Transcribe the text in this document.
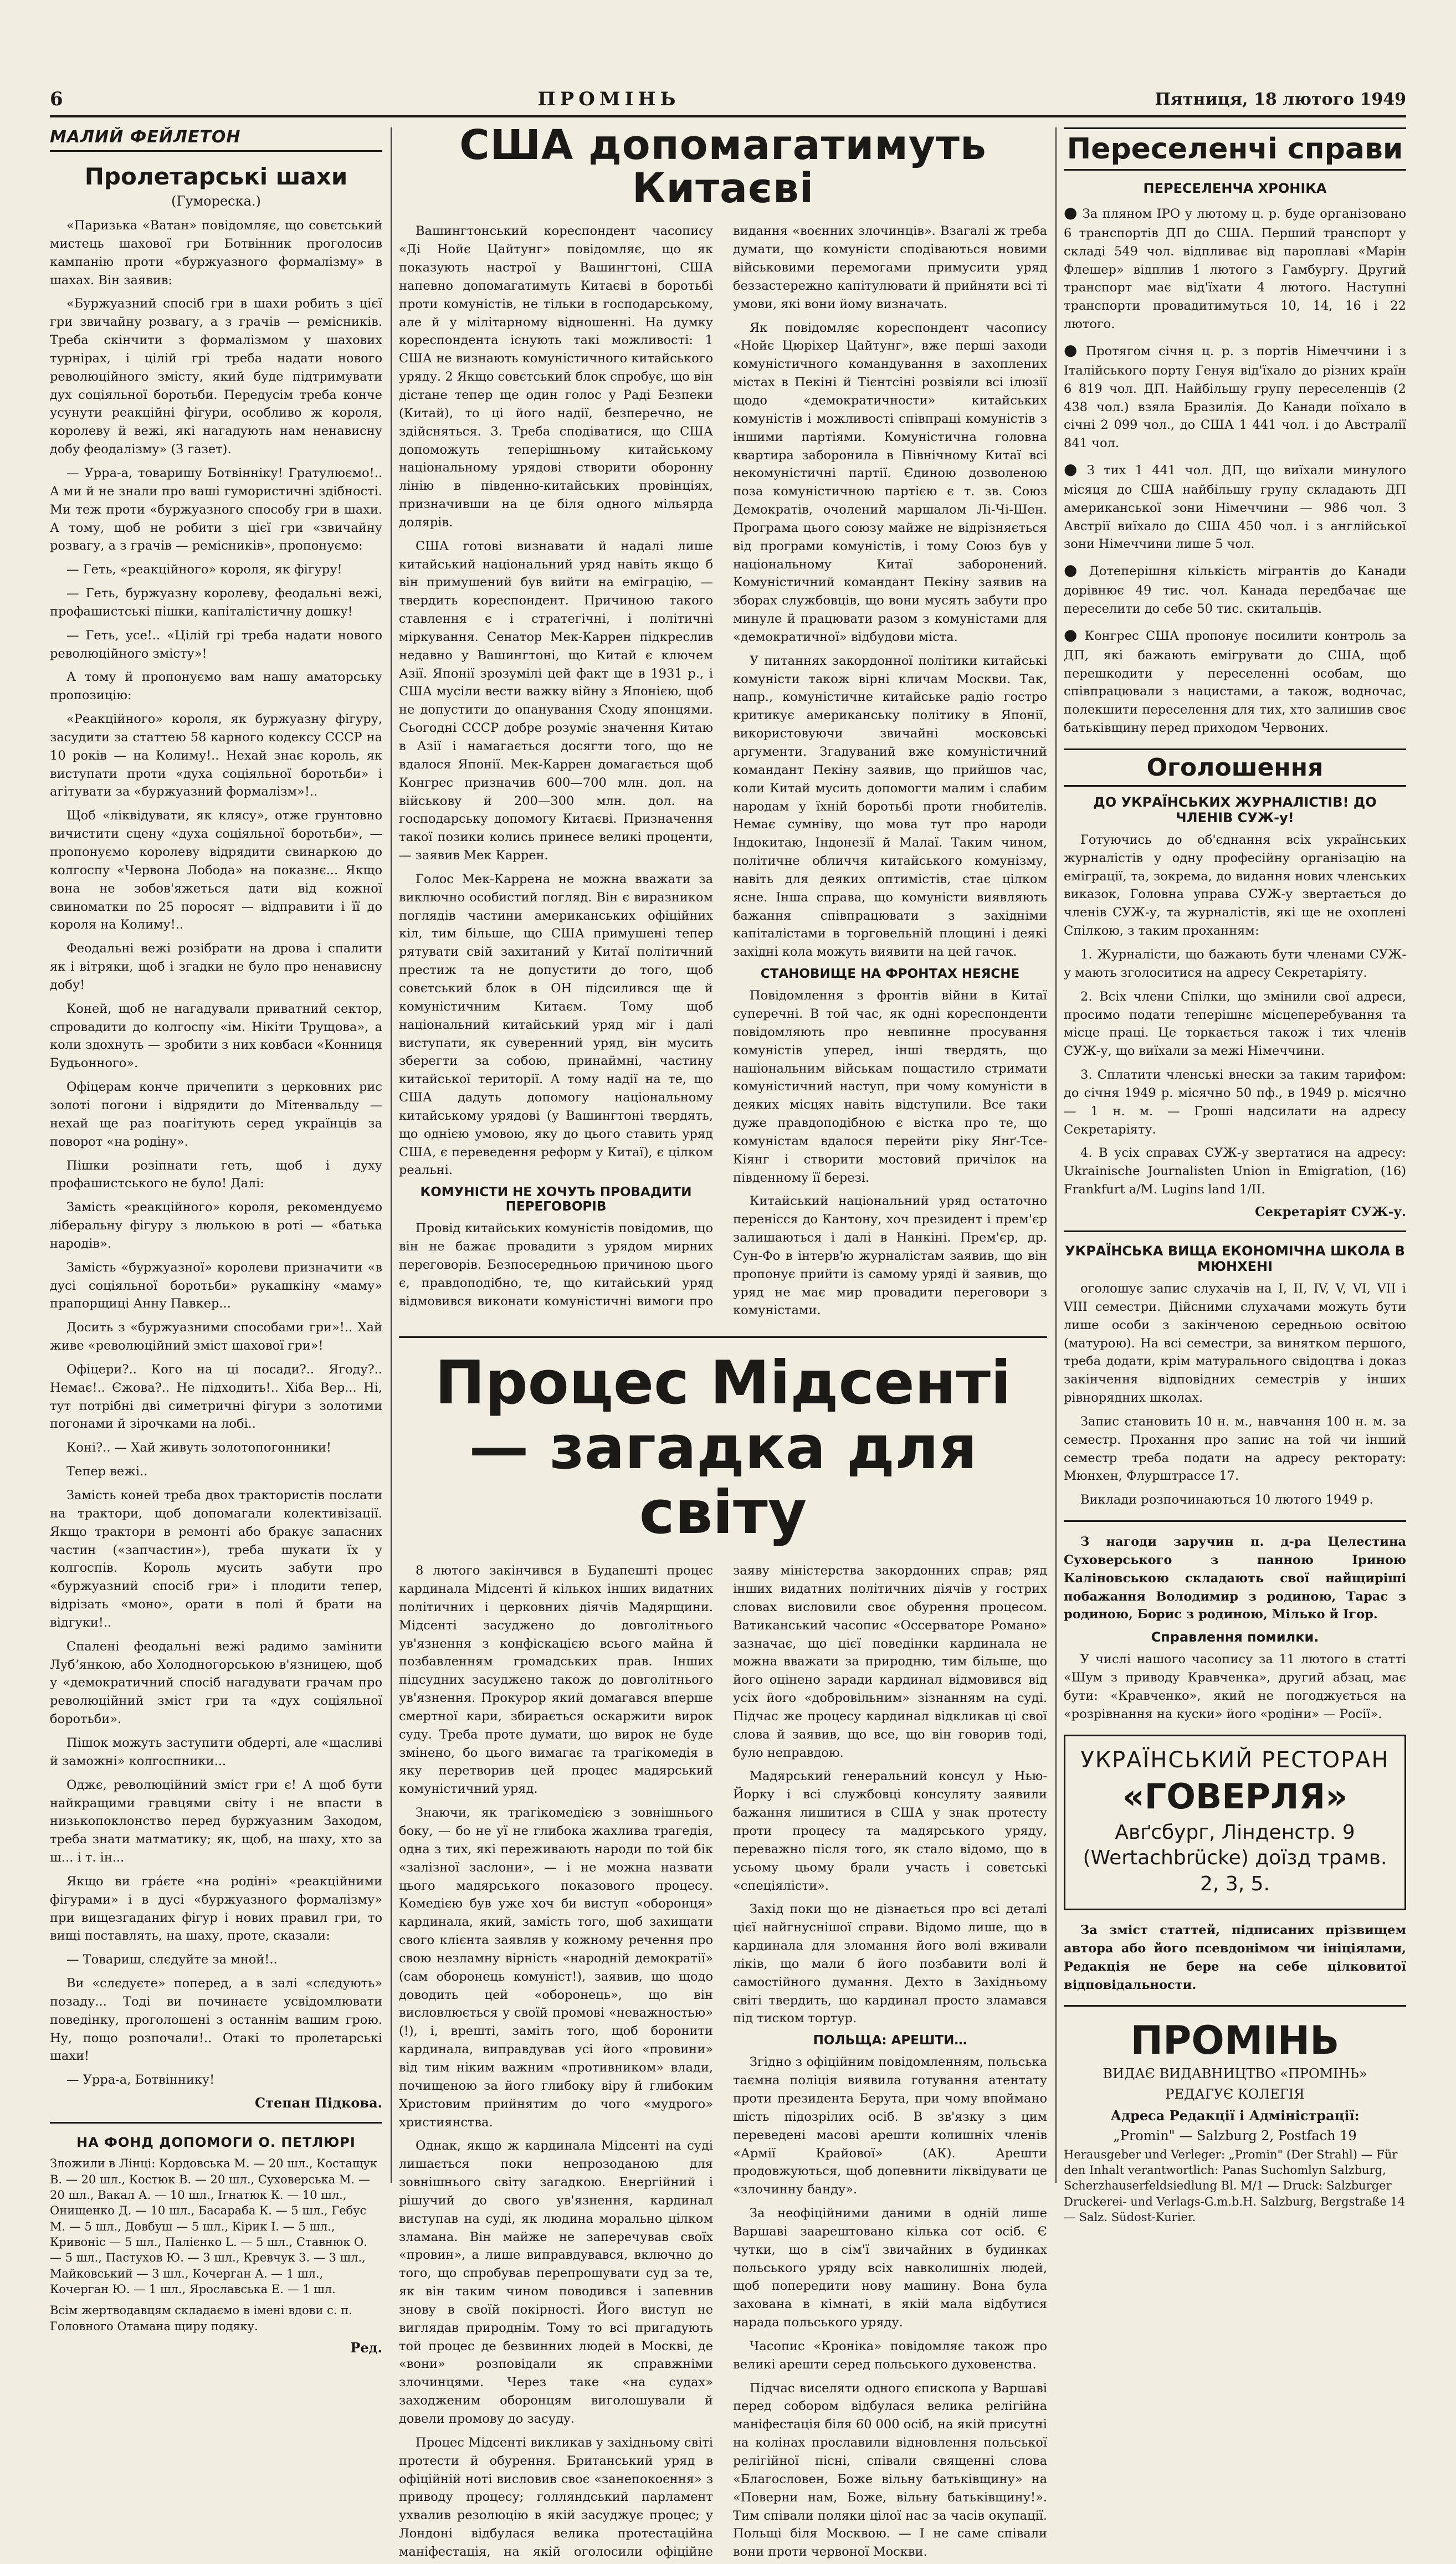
6	ПРОМІНЬ	Пятниця, 18 лютого 1949
МАЛИЙ ФЕЙЛЕТОН
Пролетарські шахи
(Гумореска.)

«Паризька «Ватан» повідомляє, що совєтський мистець шахової гри Ботвінник проголосив кампанію проти «буржуазного формалізму» в шахах. Він заявив:

«Буржуазний спосіб гри в шахи робить з цієї гри звичайну розвагу, а з грачів — ремісників. Треба скінчити з формалізмом у шахових турнірах, і цілій грі треба надати нового революційного змісту, який буде підтримувати дух соціяльної боротьби. Передусім треба конче усунути реакційні фігури, особливо ж короля, королеву й вежі, які нагадують нам ненависну добу феодалізму» (З газет).

— Урра-а, товаришу Ботвінніку! Гратулюємо!.. А ми й не знали про ваші гумористичні здібності. Ми теж проти «буржуазного способу гри в шахи. А тому, щоб не робити з цієї гри «звичайну розвагу, а з грачів — ремісників», пропонуємо:

— Геть, «реакційного» короля, як фігуру!

— Геть, буржуазну королеву, феодальні вежі, профашистські пішки, капіталістичну дошку!

— Геть, усе!.. «Цілій грі треба надати нового революційного змісту»!

А тому й пропонуємо вам нашу аматорську пропозицію:

«Реакційного» короля, як буржуазну фігуру, засудити за статтею 58 карного кодексу СССР на 10 років — на Колиму!.. Нехай знає король, як виступати проти «духа соціяльної боротьби» і агітувати за «буржуазний формалізм»!..

Щоб «ліквідувати, як клясу», отже грунтовно вичистити сцену «духа соціяльної боротьби», — пропонуємо королеву відрядити свинаркою до колгоспу «Червона Лобода» на показнє... Якщо вона не зобов'яжеться дати від кожної свиноматки по 25 поросят — відправити і її до короля на Колиму!..

Феодальні вежі розібрати на дрова і спалити як і вітряки, щоб і згадки не було про ненависну добу!

Коней, щоб не нагадували приватний сектор, спровадити до колгоспу «ім. Нікіти Трущова», а коли здохнуть — зробити з них ковбаси «Конниця Будьонного».

Офіцерам конче причепити з церковних рис золоті погони і відрядити до Мітенвальду — нехай ще раз поагітують серед українців за поворот «на родіну».

Пішки розіпнати геть, щоб і духу профашистського не було! Далі:

Замість «реакційного» короля, рекомендуємо ліберальну фігуру з люлькою в роті — «батька народів».

Замість «буржуазної» королеви призначити «в дусі соціяльної боротьби» рукашкіну «маму» прапорщиці Анну Павкер...

Досить з «буржуазними способами гри»!.. Хай живе «революційний зміст шахової гри»!

Офіцери?.. Кого на ці посади?.. Ягоду?.. Немає!.. Єжова?.. Не підходить!.. Хіба Вер... Ні, тут потрібні дві симетричні фігури з золотими погонами й зірочками на лобі..

Коні?.. — Хай живуть золотопогонники!

Тепер вежі..

Замість коней треба двох трактористів послати на трактори, щоб допомагали колективізації. Якщо трактори в ремонті або бракує запасних частин («запчастин»), треба шукати їх у колгоспів. Король мусить забути про «буржуазний спосіб гри» і плодити тепер, відрізать «моно», орати в полі й брати на відгуки!..

Спалені феодальні вежі радимо замінити Лубʼянкою, або Холодногорською в'язницею, щоб у «демократичний спосіб нагадувати грачам про революційний зміст гри та «дух соціяльної боротьби».

Пішок можуть заступити обдерті, але «щасливі й заможні» колгоспники...

Оджє, революційний зміст гри є! А щоб бути найкращими гравцями світу і не впасти в низькопоклонство перед буржуазним Заходом, треба знати матматику; як, щоб, на шаху, хто за ш... і т. ін...

Якщо ви гра́єте «на родіні» «реакційними фігурами» і в дусі «буржуазного формалізму» при вищезгаданих фігур і нових правил гри, то вищі поставлять, на шаху, проте, сказали:

— Товариш, слєдуйте за мной!..

Ви «слєдуєте» поперед, а в залі «слєдують» позаду... Тоді ви починаєте усвідомлювати поведінку, проголошені з останнім вашим грою. Ну, пощо розпочали!.. Отакі то пролетарські шахи!

— Урра-а, Ботвіннику!

Степан Підкова.
НА ФОНД ДОПОМОГИ О. ПЕТЛЮРІ

Зложили в Лінці: Кордовська М. — 20 шл., Костащук В. — 20 шл., Костюк В. — 20 шл., Суховерська М. — 20 шл., Вакал А. — 10 шл., Ігнатюк К. — 10 шл., Онищенко Д. — 10 шл., Басараба К. — 5 шл., Гебус М. — 5 шл., Довбуш — 5 шл., Кірик I. — 5 шл., Кривоніс — 5 шл., Палієнко L. — 5 шл., Ставнюк О. — 5 шл., Пастухов Ю. — 3 шл., Кревчук 3. — 3 шл., Майковський — 3 шл., Кочерган А. — 1 шл., Кочерган Ю. — 1 шл., Ярославська Е. — 1 шл.

Всім жертводавцям складаємо в імені вдови с. п. Головного Отамана щиру подяку.

Ред.
США допомагатимуть Китаєві

Вашингтонський кореспондент часопису «Ді Нойє Цайтунг» повідомляє, що як показують настрої у Вашингтоні, США напевно допомагатимуть Китаєві в боротьбі проти комуністів, не тільки в господарському, але й у мілітарному відношенні. На думку кореспондента існують такі можливості: 1 США не визнають комуністичного китайського уряду. 2 Якщо совєтський блок спробує, що він дістане тепер ще один голос у Раді Безпеки (Китай), то ці його надії, безперечно, не здійсняться. 3. Треба сподіватися, що США допоможуть теперішньому китайському національному урядові створити оборонну лінію в південно-китайських провінціях, призначивши на це біля одного мільярда долярів.

США готові визнавати й надалі лише китайський національний уряд навіть якщо б він примушений був вийти на еміграцію, — твердить кореспондент. Причиною такого ставлення є і стратегічні, і політичні міркування. Сенатор Мек-Каррен підкреслив недавно у Вашингтоні, що Китай є ключем Азії. Японії зрозумілі цей факт ще в 1931 р., і США мусіли вести важку війну з Японією, щоб не допустити до опанування Сходу японцями. Сьогодні СССР добре розуміє значення Китаю в Азії і намагається досягти того, що не вдалося Японії. Мек-Каррен домагається щоб Конгрес призначив 600—700 млн. дол. на військову й 200—300 млн. дол. на господарську допомогу Китаєві. Призначення такої позики колись принесе великі проценти, — заявив Мек Каррен.

Голос Мек-Каррена не можна вважати за виключно особистий погляд. Він є виразником поглядів частини американських офіційних кіл, тим більше, що США примушені тепер рятувати свій захитаний у Китаї політичний престиж та не допустити до того, щоб совєтський блок в ОН підсилився ще й комуністичним Китаєм. Тому щоб національний китайський уряд міг і далі виступати, як суверенний уряд, він мусить зберегти за собою, принаймні, частину китайської території. А тому надії на те, що США дадуть допомогу національному китайському урядові (у Вашингтоні твердять, що однією умовою, яку до цього ставить уряд США, є переведення реформ у Китаї), є цілком реальні.

КОМУНІСТИ НЕ ХОЧУТЬ ПРОВАДИТИ ПЕРЕГОВОРІВ

Провід китайських комуністів повідомив, що він не бажає провадити з урядом мирних переговорів. Безпосередньою причиною цього є, правдоподібно, те, що китайський уряд відмовився виконати комуністичні вимоги про видання «воєнних злочинців». Взагалі ж треба думати, що комуністи сподіваються новими військовими перемогами примусити уряд беззастережно капітулювати й прийняти всі ті умови, які вони йому визначать.

Як повідомляє кореспондент часопису «Нойє Цюріхер Цайтунг», вже перші заходи комуністичного командування в захоплених містах в Пекіні й Тієнтсіні розвіяли всі ілюзії щодо «демократичности» китайських комуністів і можливості співпраці комуністів з іншими партіями. Комуністична головна квартира заборонила в Північному Китаї всі некомуністичні партії. Єдиною дозволеною поза комуністичною партією є т. зв. Союз Демократів, очолений маршалом Лі-Чі-Шен. Програма цього союзу майже не відрізняється від програми комуністів, і тому Союз був у національному Китаї заборонений. Комуністичний командант Пекіну заявив на зборах службовців, що вони мусять забути про минуле й працювати разом з комуністами для «демократичної» відбудови міста.

У питаннях закордонної політики китайські комуністи також вірні кличам Москви. Так, напр., комуністичне китайське радіо гостро критикує американську політику в Японії, використовуючи звичайні московські аргументи. Згадуваний вже комуністичний командант Пекіну заявив, що прийшов час, коли Китай мусить допомогти малим і слабим народам у їхній боротьбі проти гнобителів. Немає сумніву, що мова тут про народи Індокитаю, Індонезії й Малаї. Таким чином, політичне обличчя китайського комунізму, навіть для деяких оптимістів, стає цілком ясне. Інша справа, що комуністи виявляють бажання співпрацювати з західніми капіталістами в торговельній площині і деякі західні кола можуть виявити на цей гачок.

СТАНОВИЩЕ НА ФРОНТАХ НЕЯСНЕ

Повідомлення з фронтів війни в Китаї суперечні. В той час, як одні кореспонденти повідомляють про невпинне просування комуністів уперед, інші твердять, що національним військам пощастило стримати комуністичний наступ, при чому комуністи в деяких місцях навіть відступили. Все таки дуже правдоподібною є вістка про те, що комуністам вдалося перейти ріку Янґ-Тсе-Кіянг і створити мостовий причілок на південному її березі.

Китайський національний уряд остаточно перенісся до Кантону, хоч президент і прем'єр залишаються і далі в Нанкіні. Прем'єр, др. Сун-Фо в інтерв'ю журналістам заявив, що він пропонує прийти із самому уряді й заявив, що уряд не має мир провадити переговори з комуністами.

Процес Мідсенті — загадка для світу

8 лютого закінчився в Будапешті процес кардинала Мідсенті й кількох інших видатних політичних і церковних діячів Мадярщини. Мідсенті засуджено до довголітнього ув'язнення з конфіскацією всього майна й позбавленням громадських прав. Інших підсудних засуджено також до довголітнього ув'язнення. Прокурор який домагався вперше смертної кари, збирається оскаржити вирок суду. Треба проте думати, що вирок не буде змінено, бо цього вимагає та трагікомедія в яку перетворив цей процес мадярський комуністичний уряд.

Знаючи, як трагікомедією з зовнішнього боку, — бо не уї не глибока жахлива трагедія, одна з тих, які переживають народи по той бік «залізної заслони», — і не можна назвати цього мадярського показового процесу. Комедією був уже хоч би виступ «оборонця» кардинала, який, замість того, щоб захищати свого клієнта заявляв у кожному речення про свою незламну вірність «народній демократії» (сам оборонець комуніст!), заявив, що щодо доводить цей «оборонець», що він висловлюється у своїй промові «неважностью» (!), і, врешті, заміть того, щоб боронити кардинала, виправдував усі його «провини» від тим ніким важним «противником» влади, почищеною за його глибоку віру й глибоким Христовим прийнятим до чого «мудрого» християнства.

Однак, якщо ж кардинала Мідсенті на суді лишається поки непрозоданою для зовнішнього світу загадкою. Енергійний і рішучий до свого ув'язнення, кардинал виступав на суді, як людина морально цілком зламана. Він майже не заперечував своїх «провин», а лише виправдувався, включно до того, що спробував перепрошувати суд за те, як він таким чином поводився і запевнив знову в своїй покірності. Його виступ не виглядав природнім. Тому то всі пригадують той процес де безвинних людей в Москві, де «вони» розповідали як справжніми злочинцями. Через таке «на судах» заходженим оборонцям виголошували й довели промову до засуду.

Процес Мідсенті викликав у західньому світі протести й обурення. Британський уряд в офіційній ноті висловив своє «занепокоєння» з приводу процесу; голляндський парламент ухвалив резолюцію в якій засуджує процес; у Лондоні відбулася велика протестаційна маніфестація, на якій оголосили офіційне заяву міністерства закордонних справ; ряд інших видатних політичних діячів у гострих словах висловили своє обурення процесом. Ватиканський часопис «Оссерваторе Романо» зазначає, що цієї поведінки кардинала не можна вважати за природню, тим більше, що його оцінено заради кардинал відмовився від усіх його «добровільним» зізнанням на суді. Підчас же процесу кардинал відкликав ці свої слова й заявив, що все, що він говорив тоді, було неправдою.

Мадярський генеральний консул у Нью-Йорку і всі службовці консуляту заявили бажання лишитися в США у знак протесту проти процесу та мадярського уряду, переважно після того, як стало відомо, що в усьому цьому брали участь і совєтські «спеціялісти».

Захід поки що не дізнається про всі деталі цієї найгнуснішої справи. Відомо лише, що в кардинала для зломання його волі вживали ліків, що мали б його позбавити волі й самостійного думання. Дехто в Західньому світі твердить, що кардинал просто зламався під тиском тортур.

ПОЛЬЩА: АРЕШТИ…

Згідно з офіційним повідомленням, польська таємна поліція виявила готування атентату проти президента Берута, при чому впоймано шість підозрілих осіб. В зв'язку з цим переведені масові арешти колишніх членів «Армії Крайової» (АК). Арешти продовжуються, щоб допевнити ліквідувати це «злочинну банду».

За неофіційними даними в одній лише Варшаві заарештовано кілька сот осіб. Є чутки, що в сім'ї звичайних в будинках польського уряду всіх навколишніх людей, щоб попередити нову машину. Вона була захована в кімнаті, в якій мала відбутися нарада польського уряду.

Часопис «Кроніка» повідомляє також про великі арешти серед польського духовенства.

Підчас виселяти одного єпископа у Варшаві перед собором відбулася велика релігійна маніфестація біля 60 000 осіб, на якій присутні на колінах прославили відновлення польської релігійної пісні, співали священні слова «Благословен, Боже вільну батьківщину» на «Поверни нам, Боже, вільну батьківщину!». Тим співали поляки цілої нас за часів окупації. Польщі біля Москвою. — І не саме співали вони проти червоної Москви.

Переселенчі справи
ПЕРЕСЕЛЕНЧА ХРОНІКА

● За пляном IPO у лютому ц. р. буде організовано 6 транспортів ДП до США. Перший транспорт у складі 549 чол. відпливає від пароплаві «Марін Флешер» відплив 1 лютого з Гамбургу. Другий транспорт має від'їхати 4 лютого. Наступні транспорти провадитимуться 10, 14, 16 і 22 лютого.

● Протягом січня ц. р. з портів Німеччини і з Італійського порту Генуя від'їхало до різних країн 6 819 чол. ДП. Найбільшу групу переселенців (2 438 чол.) взяла Бразилія. До Канади поїхало в січні 2 099 чол., до США 1 441 чол. і до Австралії 841 чол.

● З тих 1 441 чол. ДП, що виїхали минулого місяця до США найбільшу групу складають ДП американської зони Німеччини — 986 чол. З Австрії виїхало до США 450 чол. і з англійської зони Німеччини лише 5 чол.

● Дотеперішня кількість мігрантів до Канади дорівнює 49 тис. чол. Канада передбачає ще переселити до себе 50 тис. скитальців.

● Конгрес США пропонує посилити контроль за ДП, які бажають емігрувати до США, щоб перешкодити у переселенні особам, що співпрацювали з нацистами, а також, водночас, полекшити переселення для тих, хто залишив своє батьківщину перед приходом Червоних.

Оголошення
ДО УКРАЇНСЬКИХ ЖУРНАЛІСТІВ! ДО ЧЛЕНІВ СУЖ-у!

Готуючись до об'єднання всіх українських журналістів у одну професійну організацію на еміграції, та, зокрема, до видання нових членських виказок, Головна управа СУЖ-у звертається до членів СУЖ-у, та журналістів, які ще не охоплені Спілкою, з таким проханням:

1. Журналісти, що бажають бути членами СУЖ-у мають зголоситися на адресу Секретаріяту.

2. Всіх члени Спілки, що змінили свої адреси, просимо подати теперішнє місцеперебування та місце праці. Це торкається також і тих членів СУЖ-у, що виїхали за межі Німеччини.

3. Сплатити членські внески за таким тарифом: до січня 1949 р. місячно 50 пф., в 1949 р. місячно — 1 н. м. — Гроші надсилати на адресу Секретаріяту.

4. В усіх справах СУЖ-у звертатися на адресу: Ukrainische Journalisten Union in Emigration, (16) Frankfurt a/M. Lugins land 1/II.

Секретаріят СУЖ-у.
УКРАЇНСЬКА ВИЩА ЕКОНОМІЧНА ШКОЛА В МЮНХЕНІ

оголошує запис слухачів на I, II, IV, V, VI, VII і VIII семестри. Дійсними слухачами можуть бути лише особи з закінченою середньою освітою (матурою). На всі семестри, за винятком першого, треба додати, крім матурального свідоцтва і доказ закінчення відповідних семестрів у інших рівнорядних школах.

Запис становить 10 н. м., навчання 100 н. м. за семестр. Прохання про запис на той чи інший семестр треба подати на адресу ректорату: Мюнхен, Флурштрассе 17.

Виклади розпочинаються 10 лютого 1949 р.

З нагоди заручин п. д-ра Целестина Суховерського з панною Іриною Каліновською складають свої найщиріші побажання Володимир з родиною, Тарас з родиною, Борис з родиною, Мілько й Ігор.

Справлення помилки.

У числі нашого часопису за 11 лютого в статті «Шум з приводу Кравченка», другий абзац, має бути: «Кравченко», який не погоджується на «розрівнання на куски» його «родіни» — Росії».

УКРАЇНСЬКИЙ РЕСТОРАН
«ГОВЕРЛЯ»
Авґсбург, Лінденстр. 9 (Wertachbrücke) доїзд трамв. 2, 3, 5.

За зміст статтей, підписаних прізвищем автора або його псевдонімом чи ініціялами, Редакція не бере на себе цілковитої відповідальности.

ПРОМІНЬ

ВИДАЄ ВИДАВНИЦТВО «ПРОМІНЬ»

РЕДАГУЄ КОЛЕГІЯ

Адреса Редакції і Адміністрації:

„Promin" — Salzburg 2, Postfach 19

Herausgeber und Verleger: „Promin" (Der Strahl) — Für den Inhalt verantwortlich: Panas Suchomlyn Salzburg, Scherzhauserfeldsiedlung Bl. M/1 — Druck: Salzburger Druckerei- und Verlags-G.m.b.H. Salzburg, Bergstraße 14 — Salz. Südost-Kurier.
